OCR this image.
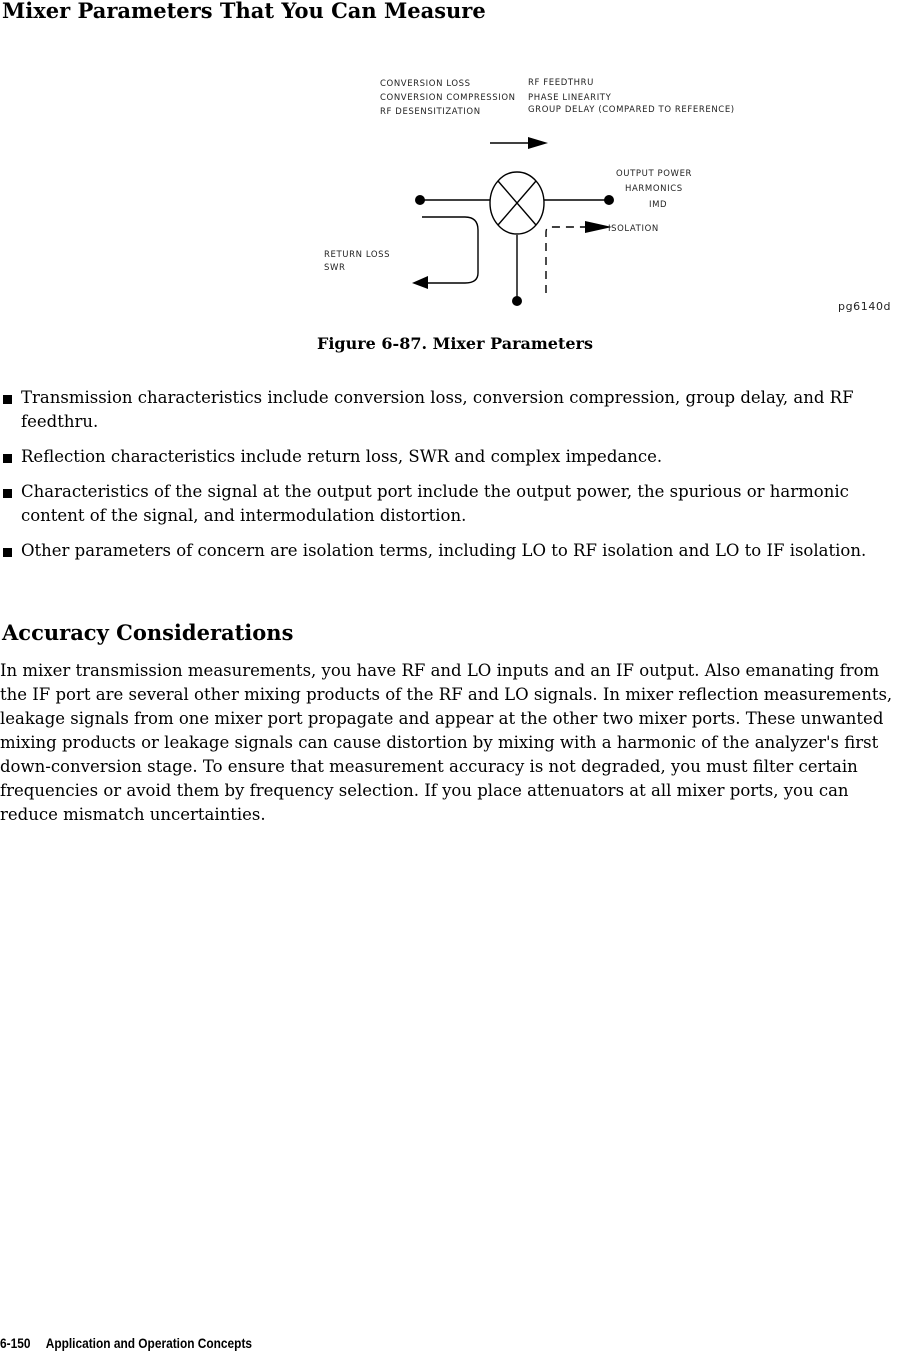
Mixer Parameters That You Can Measure
CONVERSION LOSS
CONVERSION COMPRESSION
RF DESENSITIZATION
RF FEEDTHRU
PHASE LINEARITY
GROUP DELAY (COMPARED TO REFERENCE)
OUTPUT POWER
HARMONICS
IMD
ISOLATION
RETURN LOSS
SWR
pg6140d
Figure 6-87. Mixer Parameters
Transmission characteristics include conversion loss, conversion compression, group delay, and RF feedthru.
Reflection characteristics include return loss, SWR and complex impedance.
Characteristics of the signal at the output port include the output power, the spurious or harmonic content of the signal, and intermodulation distortion.
Other parameters of concern are isolation terms, including LO to RF isolation and LO to IF isolation.
Accuracy Considerations

In mixer transmission measurements, you have RF and LO inputs and an IF output. Also emanating from the IF port are several other mixing products of the RF and LO signals. In mixer reflection measurements, leakage signals from one mixer port propagate and appear at the other two mixer ports. These unwanted mixing products or leakage signals can cause distortion by mixing with a harmonic of the analyzer's first down-conversion stage. To ensure that measurement accuracy is not degraded, you must filter certain frequencies or avoid them by frequency selection. If you place attenuators at all mixer ports, you can reduce mismatch uncertainties.

6-150 Application and Operation Concepts
